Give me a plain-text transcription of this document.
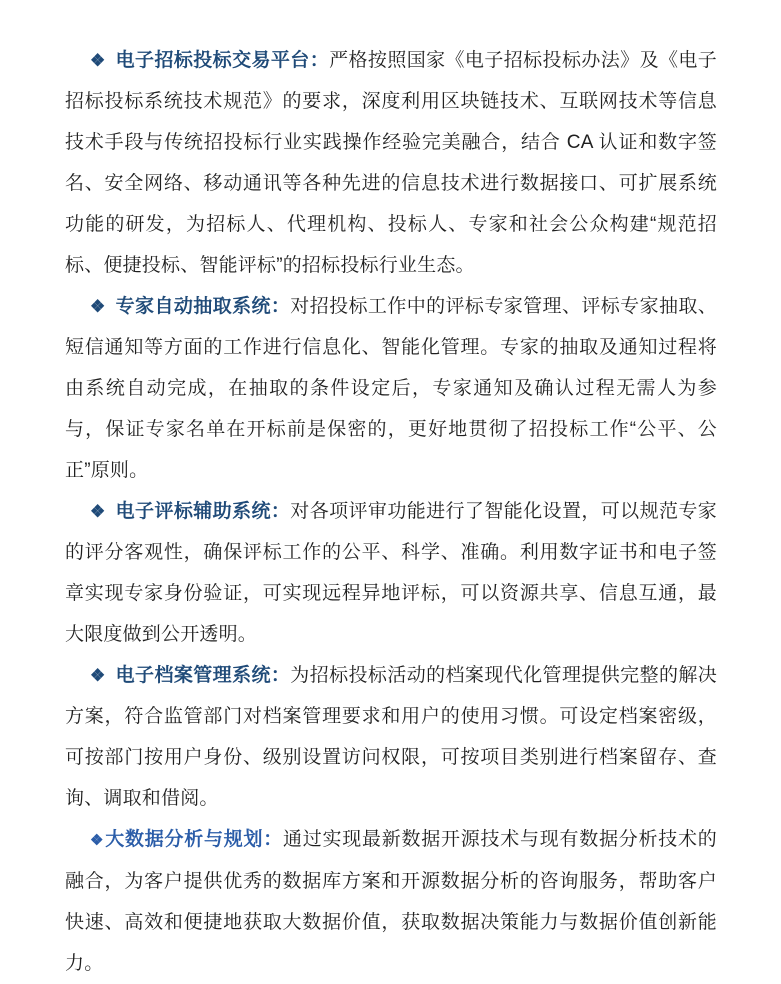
❖ 电子招标投标交易平台：严格按照国家《电子招标投标办法》及《电子招标投标系统技术规范》的要求，深度利用区块链技术、互联网技术等信息技术手段与传统招投标行业实践操作经验完美融合，结合 CA 认证和数字签名、安全网络、移动通讯等各种先进的信息技术进行数据接口、可扩展系统功能的研发，为招标人、代理机构、投标人、专家和社会公众构建“规范招标、便捷投标、智能评标”的招标投标行业生态。

❖ 专家自动抽取系统：对招投标工作中的评标专家管理、评标专家抽取、短信通知等方面的工作进行信息化、智能化管理。专家的抽取及通知过程将由系统自动完成，在抽取的条件设定后，专家通知及确认过程无需人为参与，保证专家名单在开标前是保密的，更好地贯彻了招投标工作“公平、公正”原则。

❖ 电子评标辅助系统：对各项评审功能进行了智能化设置，可以规范专家的评分客观性，确保评标工作的公平、科学、准确。利用数字证书和电子签章实现专家身份验证，可实现远程异地评标，可以资源共享、信息互通，最大限度做到公开透明。

❖ 电子档案管理系统：为招标投标活动的档案现代化管理提供完整的解决方案，符合监管部门对档案管理要求和用户的使用习惯。可设定档案密级，可按部门按用户身份、级别设置访问权限，可按项目类别进行档案留存、查询、调取和借阅。

❖大数据分析与规划：通过实现最新数据开源技术与现有数据分析技术的融合，为客户提供优秀的数据库方案和开源数据分析的咨询服务，帮助客户快速、高效和便捷地获取大数据价值，获取数据决策能力与数据价值创新能力。
